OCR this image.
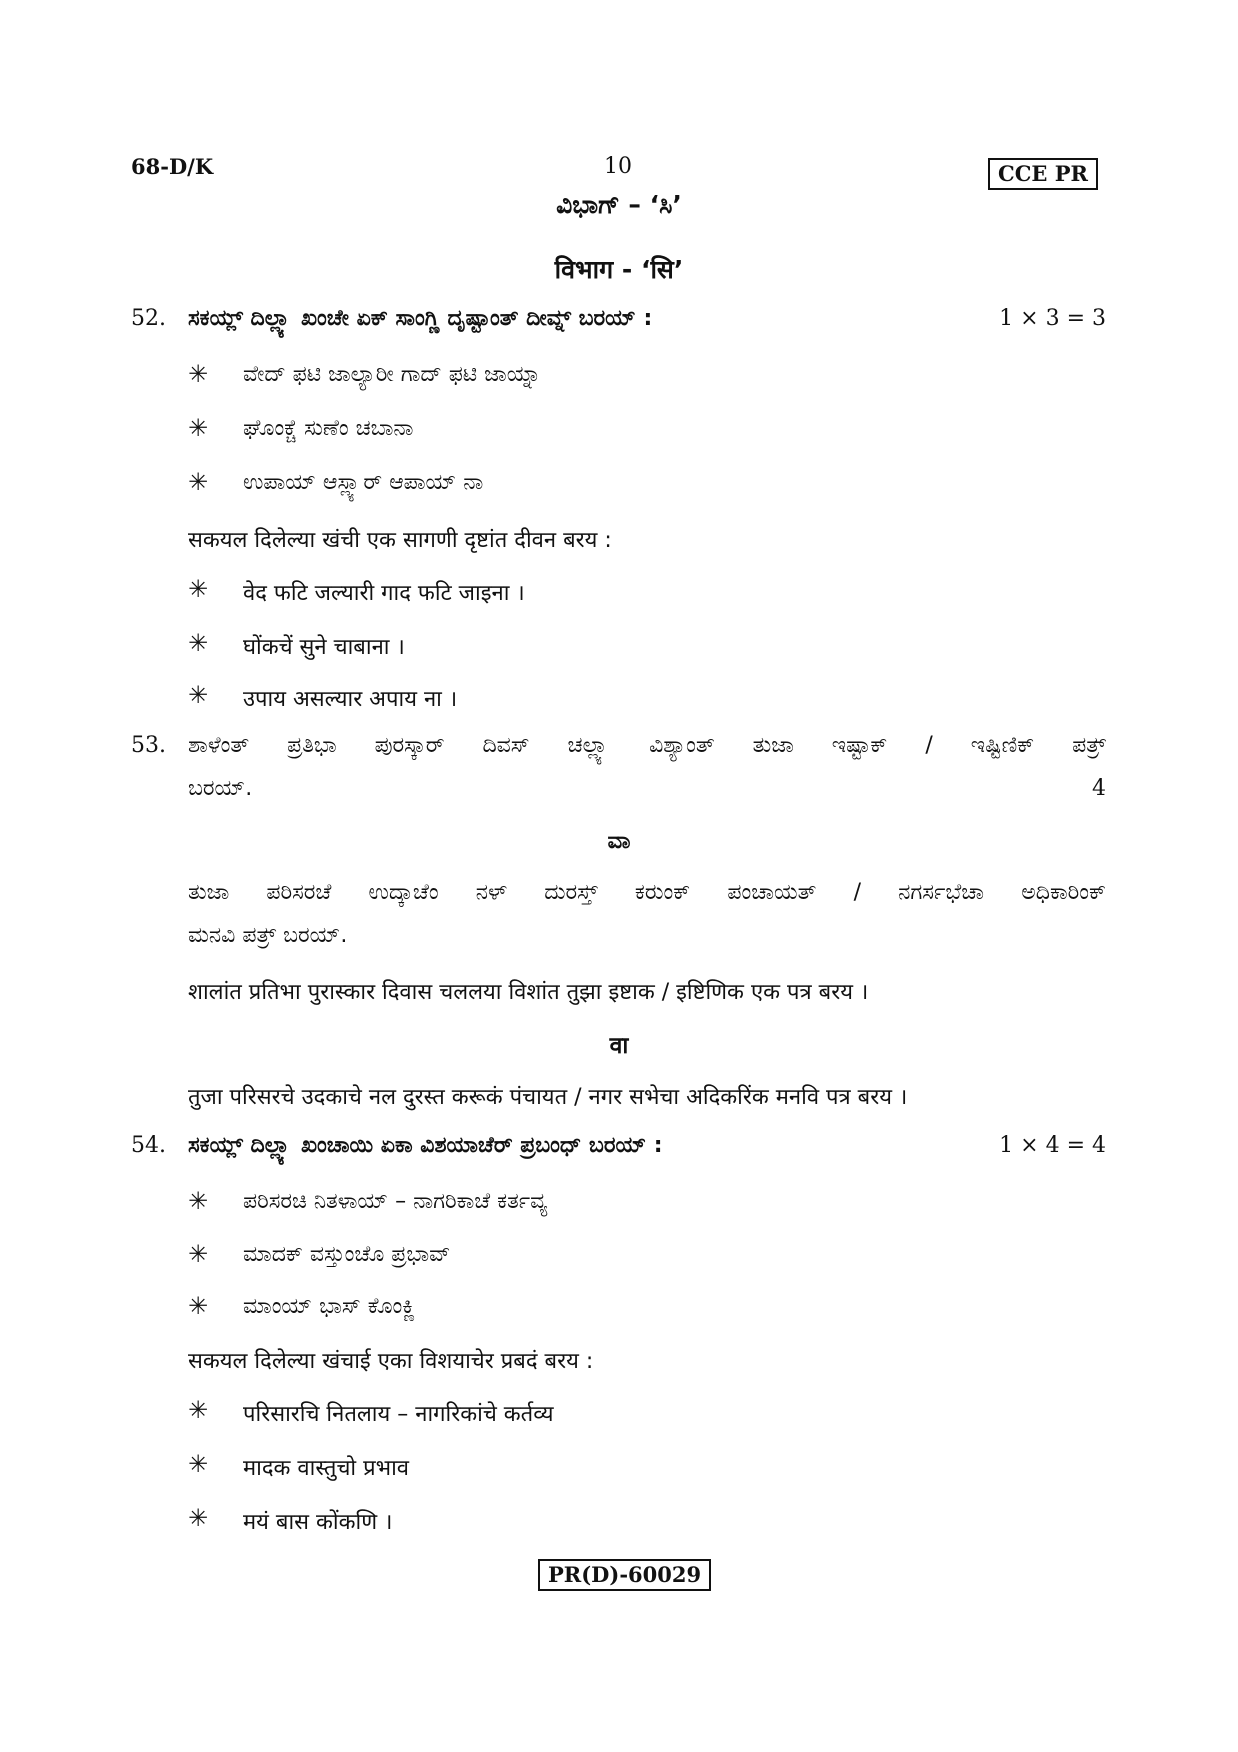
68-D/K	10	CCE PR
ವಿಭಾಗ್ – ‘ಸಿ’
विभाग - ‘सि’
52. ಸಕಯ್ಲ್ ದಿಲ್ಲ್ಯಾ ಖಂಚೇ ಏಕ್ ಸಾಂಗ್ಣಿ ದೃಷ್ಟಾಂತ್ ದೀವ್ನ್ ಬರಯ್ :	1 × 3 = 3
✳ ವೇದ್ ಫಟಿ ಜಾಲ್ಯಾರೀ ಗಾದ್ ಫಟಿ ಜಾಯ್ನಾ
✳ ಘೊಂಕ್ಚೆ ಸುಣೆಂ ಚಬಾನಾ
✳ ಉಪಾಯ್ ಆಸ್ಲ್ಯಾರ್ ಆಪಾಯ್ ನಾ
सकयल दिलेल्या खंची एक सागणी दृष्टांत दीवन बरय :
✳ वेद फटि जल्यारी गाद फटि जाइना ।
✳ घोंकचें सुने चाबाना ।
✳ उपाय असल्यार अपाय ना ।
53. ಶಾಳೆಂತ್ ಪ್ರತಿಭಾ ಪುರಸ್ಕಾರ್ ದಿವಸ್ ಚಲ್ಲ್ಯಾ ವಿಶ್ಯಾಂತ್ ತುಜಾ ಇಷ್ಟಾಕ್ / ಇಷ್ಟಿಣಿಕ್ ಪತ್ರ್
ಬರಯ್.	4
ವಾ
ತುಜಾ ಪರಿಸರಚೆ ಉದ್ಕಾಚೆಂ ನಳ್ ದುರಸ್ತ್ ಕರುಂಕ್ ಪಂಚಾಯತ್ / ನಗರ್ಸಭೆಚಾ ಅಧಿಕಾರಿಂಕ್
ಮನವಿ ಪತ್ರ್ ಬರಯ್.
शालांत प्रतिभा पुरास्कार दिवास चललया विशांत तुझा इष्टाक / इष्टिणिक एक पत्र बरय ।
वा
तुजा परिसरचे उदकाचे नल दुरस्त करूकं पंचायत / नगर सभेचा अदिकरिंक मनवि पत्र बरय ।
54. ಸಕಯ್ಲ್ ದಿಲ್ಲ್ಯಾ ಖಂಚಾಯಿ ಏಕಾ ವಿಶಯಾಚೆರ್ ಪ್ರಬಂಧ್ ಬರಯ್ :	1 × 4 = 4
✳ ಪರಿಸರಚಿ ನಿತಳಾಯ್ – ನಾಗರಿಕಾಚೆ ಕರ್ತವ್ಯ
✳ ಮಾದಕ್ ವಸ್ತುಂಚೊ ಪ್ರಭಾವ್
✳ ಮಾಂಯ್ ಭಾಸ್ ಕೊಂಕ್ಣಿ
सकयल दिलेल्या खंचाई एका विशयाचेर प्रबदं बरय :
✳ परिसारचि नितलाय – नागरिकांचे कर्तव्य
✳ मादक वास्तुचो प्रभाव
✳ मयं बास कोंकणि ।
PR(D)-60029
